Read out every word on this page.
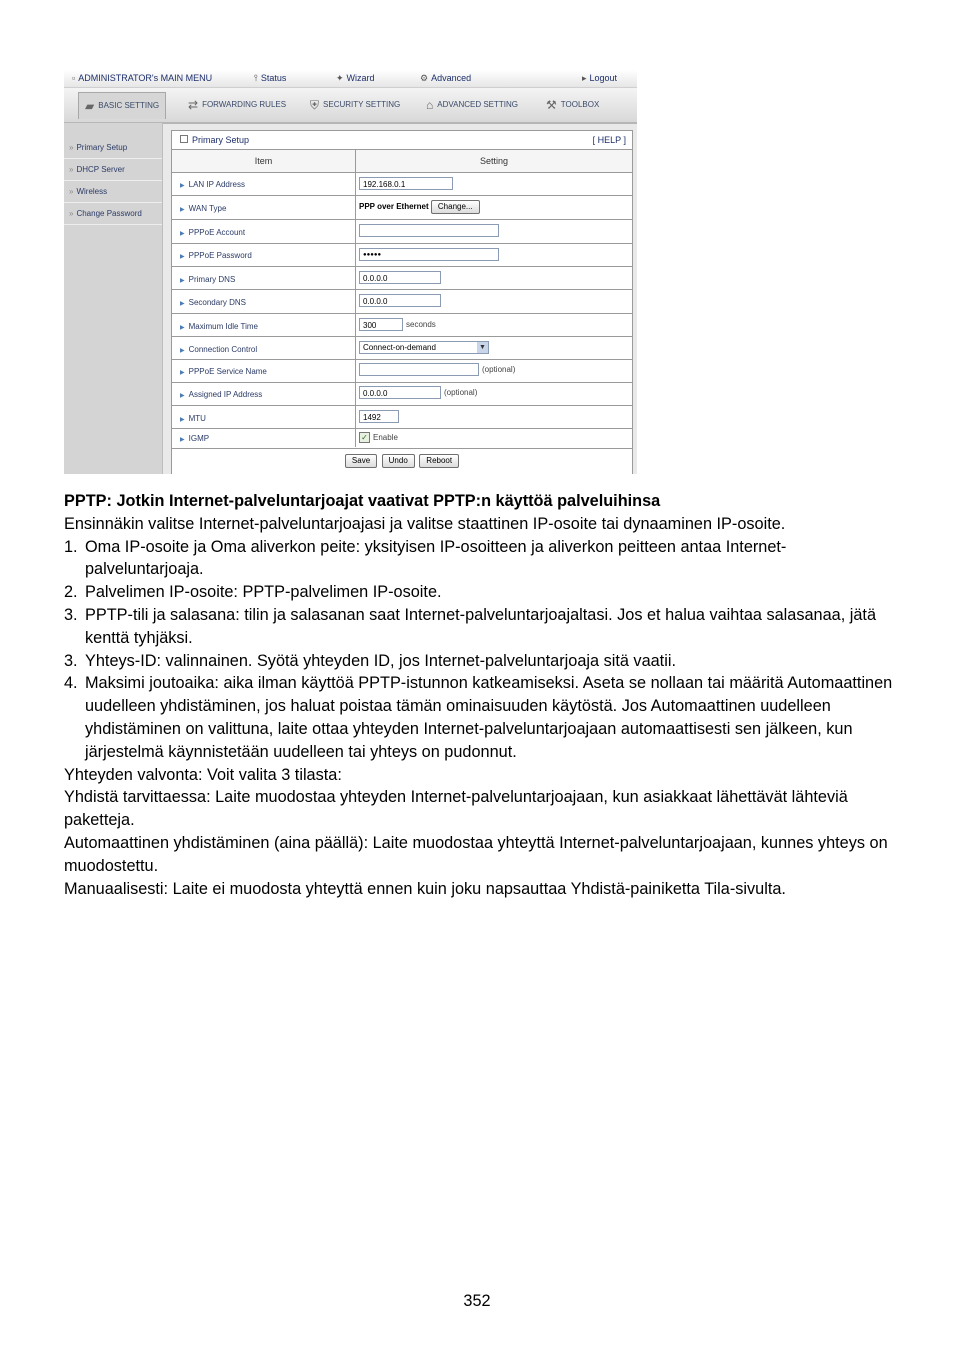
▫ ADMINISTRATOR's MAIN MENU	⫯ Status	✦ Wizard	⚙ Advanced	▸ Logout
▰ BASIC SETTING	⇄ FORWARDING RULES	⛨ SECURITY SETTING	⌂ ADVANCED SETTING	⚒ TOOLBOX
» Primary Setup
» DHCP Server
» Wireless
» Change Password
Primary Setup	[ HELP ]
Item	Setting
▶ LAN IP Address	192.168.0.1
▶ WAN Type	PPP over Ethernet Change...
▶ PPPoE Account
▶ PPPoE Password	●●●●●
▶ Primary DNS	0.0.0.0
▶ Secondary DNS	0.0.0.0
▶ Maximum Idle Time	300	seconds
▶ Connection Control	Connect-on-demand	▼
▶ PPPoE Service Name	(optional)
▶ Assigned IP Address	0.0.0.0	(optional)
▶ MTU	1492
▶ IGMP	✓ Enable
Save Undo Reboot

PPTP: Jotkin Internet-palveluntarjoajat vaativat PPTP:n käyttöä palveluihinsa

Ensinnäkin valitse Internet-palveluntarjoajasi ja valitse staattinen IP-osoite tai dynaaminen IP-osoite.

1. Oma IP-osoite ja Oma aliverkon peite: yksityisen IP-osoitteen ja aliverkon peitteen antaa Internet-palveluntarjoaja.
2. Palvelimen IP-osoite: PPTP-palvelimen IP-osoite.
3. PPTP-tili ja salasana: tilin ja salasanan saat Internet-palveluntarjoajaltasi. Jos et halua vaihtaa salasanaa, jätä kenttä tyhjäksi.
3. Yhteys-ID: valinnainen. Syötä yhteyden ID, jos Internet-palveluntarjoaja sitä vaatii.
4. Maksimi joutoaika: aika ilman käyttöä PPTP-istunnon katkeamiseksi. Aseta se nollaan tai määritä Automaattinen uudelleen yhdistäminen, jos haluat poistaa tämän ominaisuuden käytöstä. Jos Automaattinen uudelleen yhdistäminen on valittuna, laite ottaa yhteyden Internet-palveluntarjoajaan automaattisesti sen jälkeen, kun järjestelmä käynnistetään uudelleen tai yhteys on pudonnut.

Yhteyden valvonta: Voit valita 3 tilasta:

Yhdistä tarvittaessa: Laite muodostaa yhteyden Internet-palveluntarjoajaan, kun asiakkaat lähettävät lähteviä paketteja.

Automaattinen yhdistäminen (aina päällä): Laite muodostaa yhteyttä Internet-palveluntarjoajaan, kunnes yhteys on muodostettu.

Manuaalisesti: Laite ei muodosta yhteyttä ennen kuin joku napsauttaa Yhdistä-painiketta Tila-sivulta.

352
